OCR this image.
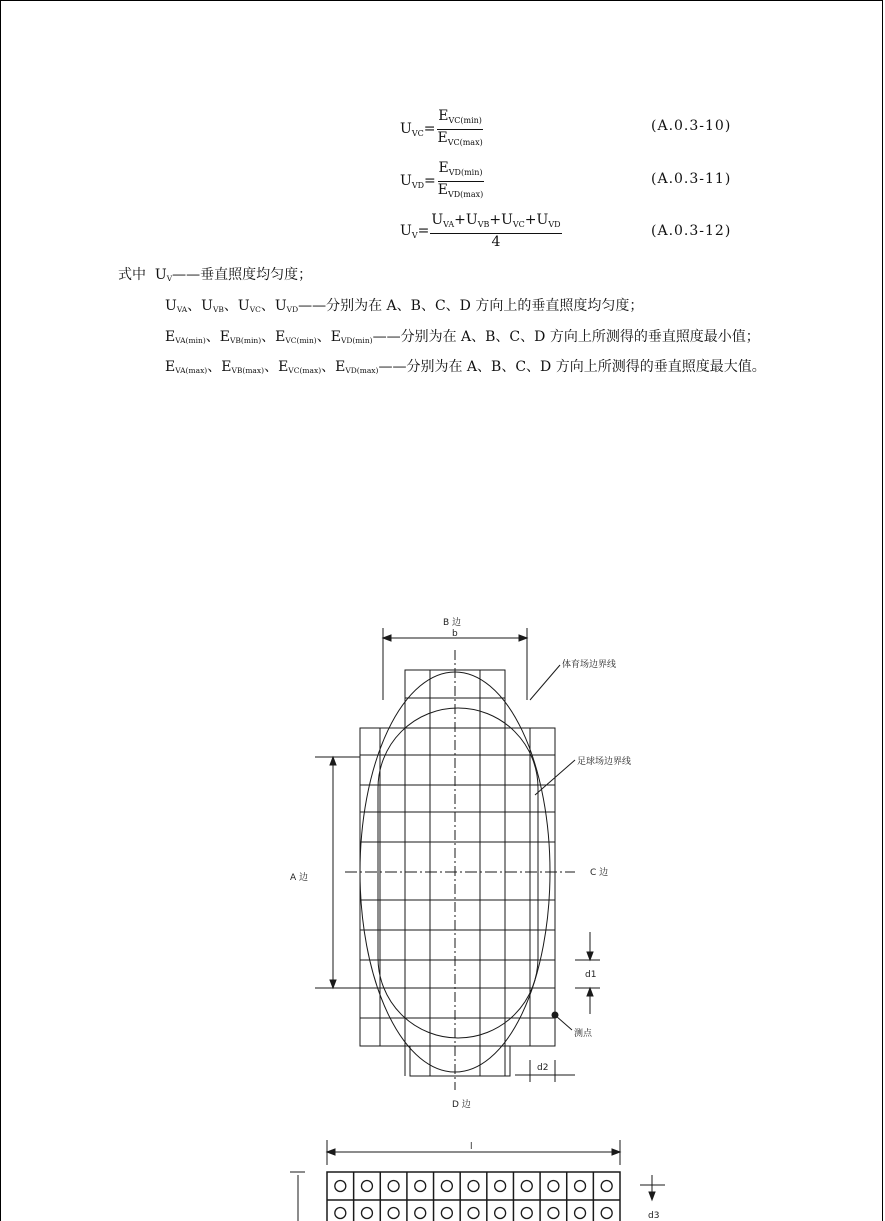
$U_{VC}= \frac{E_{VC(min)}}{E_{VC(max)}}$	(A.0.3-10)
$U_{VD}= \frac{E_{VD(min)}}{E_{VD(max)}}$	(A.0.3-11)
$U_V= \frac{U_{VA}+U_{VB}+U_{VC}+U_{VD}}{4}$	(A.0.3-12)
式中 $U_V——$垂直照度均匀度；
$U_{VA}$、$U_{VB}$、$U_{VC}$、$U_{VD}——$分别为在 A、B、C、D 方向上的垂直照度均匀度；
$E_{VA(min)}$、$E_{VB(min)}$、$E_{VC(min)}$、$E_{VD(min)}——$分别为在 A、B、C、D 方向上所测得的垂直照度最小值；
$E_{VA(max)}$、$E_{VB(max)}$、$E_{VC(max)}$、$E_{VD(max)}——$分别为在 A、B、C、D 方向上所测得的垂直照度最大值。
B 边
b
A 边	C 边
D 边
体育场边界线
足球场边界线
d1
测点
d2
l
d3
